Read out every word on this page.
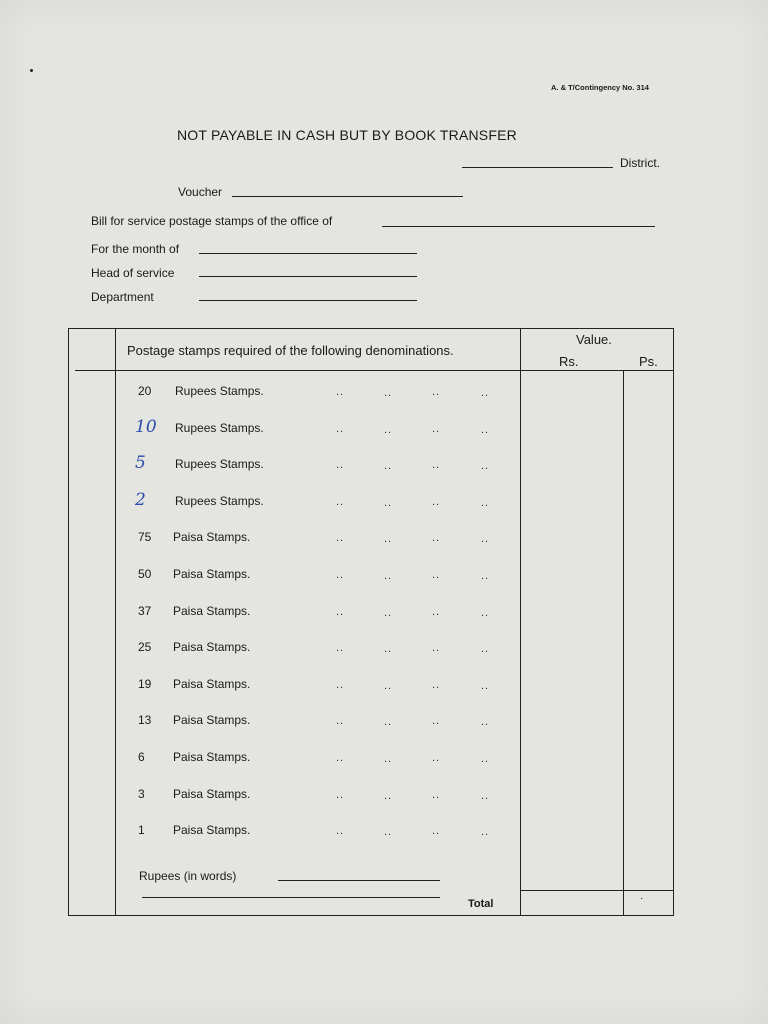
A. & T/Contingency No. 314
NOT PAYABLE IN CASH BUT BY BOOK TRANSFER
District.
Voucher
Bill for service postage stamps of the office of
For the month of
Head of service
Department
Postage stamps required of the following denominations.
Value.
Rs.	Ps.
20 Rupees Stamps.	..	..	..	..
10 Rupees Stamps.	..	..	..	..
5 Rupees Stamps.	..	..	..	..
2 Rupees Stamps.	..	..	..	..
75 Paisa Stamps.	..	..	..	..
50 Paisa Stamps.	..	..	..	..
37 Paisa Stamps.	..	..	..	..
25 Paisa Stamps.	..	..	..	..
19 Paisa Stamps.	..	..	..	..
13 Paisa Stamps.	..	..	..	..
6 Paisa Stamps.	..	..	..	..
3 Paisa Stamps.	..	..	..	..
1 Paisa Stamps.	..	..	..	..
Rupees (in words)
Total	·
